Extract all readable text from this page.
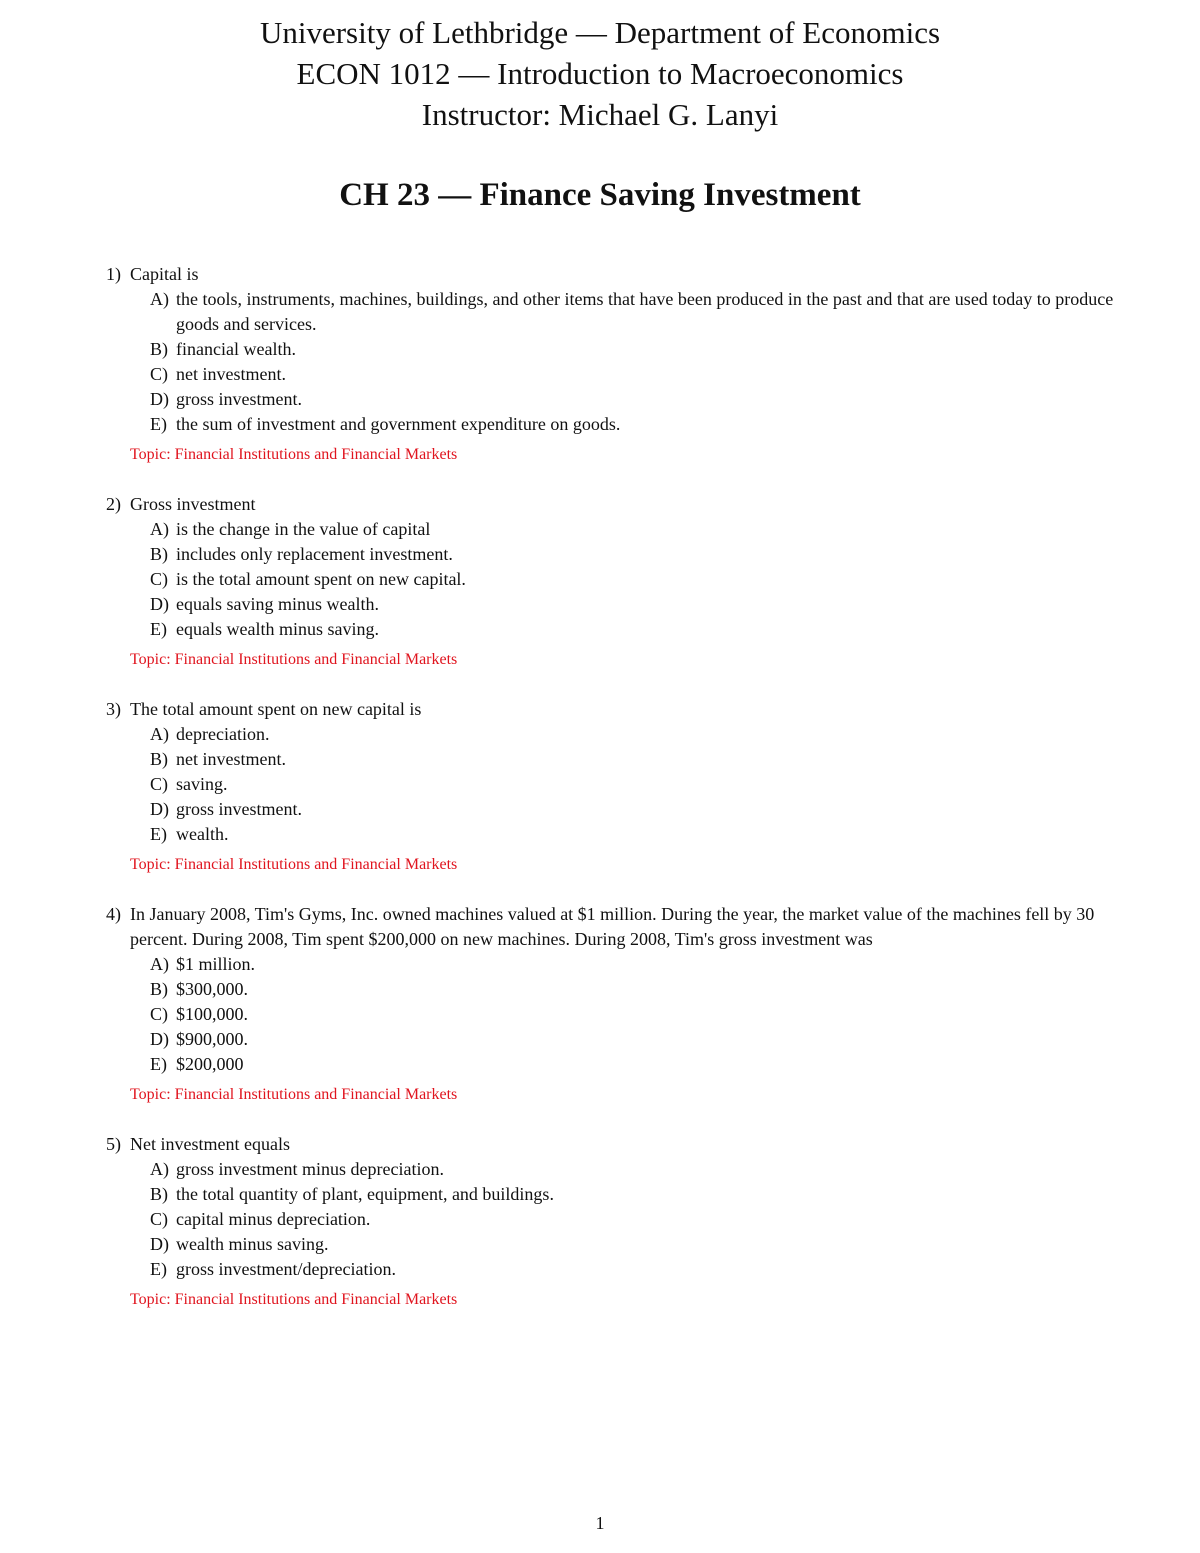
University of Lethbridge — Department of Economics
ECON 1012 — Introduction to Macroeconomics
Instructor: Michael G. Lanyi
CH 23 — Finance Saving Investment
1) Capital is
A) the tools, instruments, machines, buildings, and other items that have been produced in the past and that are used today to produce goods and services.
B) financial wealth.
C) net investment.
D) gross investment.
E) the sum of investment and government expenditure on goods.
Topic: Financial Institutions and Financial Markets
2) Gross investment
A) is the change in the value of capital
B) includes only replacement investment.
C) is the total amount spent on new capital.
D) equals saving minus wealth.
E) equals wealth minus saving.
Topic: Financial Institutions and Financial Markets
3) The total amount spent on new capital is
A) depreciation.
B) net investment.
C) saving.
D) gross investment.
E) wealth.
Topic: Financial Institutions and Financial Markets
4) In January 2008, Tim's Gyms, Inc. owned machines valued at $1 million. During the year, the market value of the machines fell by 30 percent. During 2008, Tim spent $200,000 on new machines. During 2008, Tim's gross investment was
A) $1 million.
B) $300,000.
C) $100,000.
D) $900,000.
E) $200,000
Topic: Financial Institutions and Financial Markets
5) Net investment equals
A) gross investment minus depreciation.
B) the total quantity of plant, equipment, and buildings.
C) capital minus depreciation.
D) wealth minus saving.
E) gross investment/depreciation.
Topic: Financial Institutions and Financial Markets
1
